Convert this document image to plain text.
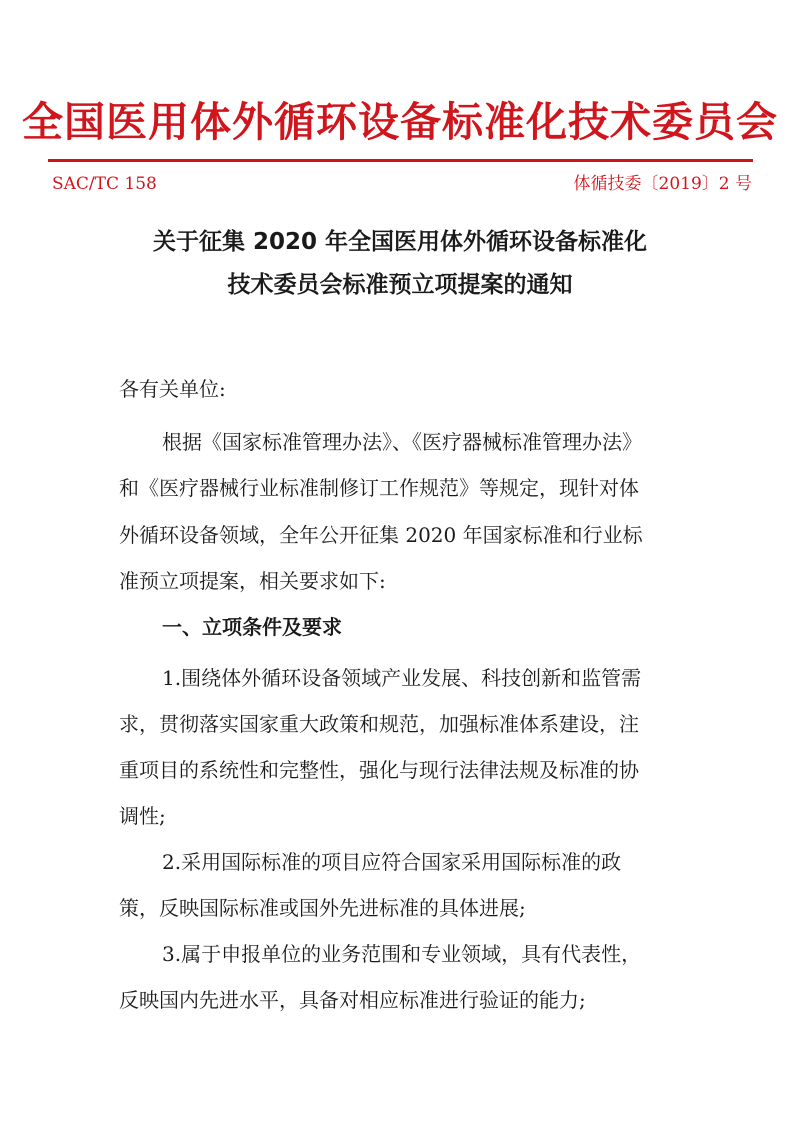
全国医用体外循环设备标准化技术委员会
SAC/TC 158	体循技委〔2019〕2 号
关于征集 2020 年全国医用体外循环设备标准化
技术委员会标准预立项提案的通知
各有关单位:
根据《国家标准管理办法》、《医疗器械标准管理办法》
和《医疗器械行业标准制修订工作规范》等规定，现针对体
外循环设备领域，全年公开征集 2020 年国家标准和行业标
准预立项提案，相关要求如下:
一、立项条件及要求
1.围绕体外循环设备领域产业发展、科技创新和监管需
求，贯彻落实国家重大政策和规范，加强标准体系建设，注
重项目的系统性和完整性，强化与现行法律法规及标准的协
调性;
2.采用国际标准的项目应符合国家采用国际标准的政
策，反映国际标准或国外先进标准的具体进展;
3.属于申报单位的业务范围和专业领域，具有代表性，
反映国内先进水平，具备对相应标准进行验证的能力;
